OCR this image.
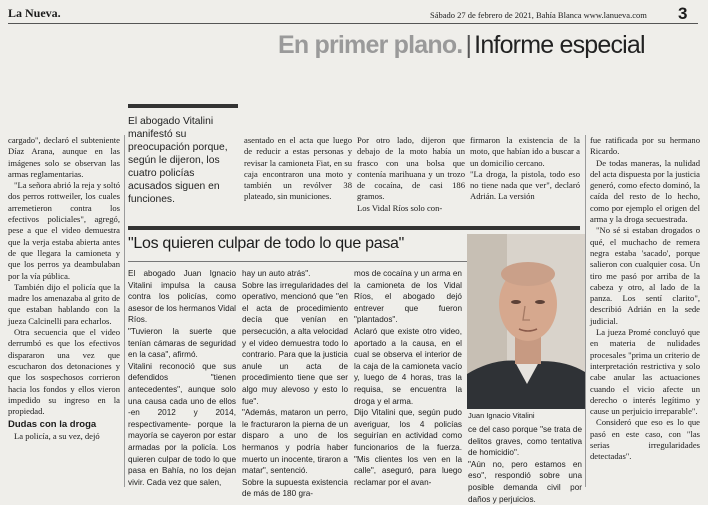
La Nueva.	Sábado 27 de febrero de 2021, Bahía Blanca www.lanueva.com 3
En primer plano. | Informe especial

cargado", declaró el subteniente Díaz Arana, aunque en las imágenes solo se observan las armas reglamentarias.

"La señora abrió la reja y soltó dos perros rottweiler, los cuales arremetieron contra los efectivos policiales", agregó, pese a que el video demuestra que la verja estaba abierta antes de que llegara la camioneta y que los perros ya deambulaban por la vía pública.

También dijo el policía que la madre los amenazaba al grito de que estaban hablando con la jueza Calcinelli para echarlos.

Otra secuencia que el video derrumbó es que los efectivos dispararon una vez que escucharon dos detonaciones y que los sospechosos corrieron hacia los fondos y ellos vieron impedido su ingreso en la propiedad.

Dudas con la droga

La policía, a su vez, dejó

El abogado Vitalini manifestó su preocupación porque, según le dijeron, los cuatro policías acusados siguen en funciones.
asentado en el acta que luego de reducir a estas personas y revisar la camioneta Fiat, en su caja encontraron una moto y también un revólver 38 plateado, sin municiones.
Por otro lado, dijeron que debajo de la moto había un frasco con una bolsa que contenía marihuana y un trozo de cocaína, de casi 186 gramos.
Los Vidal Ríos solo con-
firmaron la existencia de la moto, que habían ido a buscar a un domicilio cercano.
"La droga, la pistola, todo eso no tiene nada que ver", declaró Adrián. La versión

fue ratificada por su hermano Ricardo.

De todas maneras, la nulidad del acta dispuesta por la justicia generó, como efecto dominó, la caída del resto de lo hecho, como por ejemplo el origen del arma y la droga secuestrada.

"No sé si estaban drogados o qué, el muchacho de remera negra estaba 'sacado', porque salieron con cualquier cosa. Un tiro me pasó por arriba de la cabeza y otro, al lado de la panza. Los sentí clarito", describió Adrián en la sede judicial.

La jueza Promé concluyó que en materia de nulidades procesales "prima un criterio de interpretación restrictiva y solo cabe anular las actuaciones cuando el vicio afecte un derecho o interés legítimo y cause un perjuicio irreparable".

Consideró que eso es lo que pasó en este caso, con "las serias irregularidades detectadas".

"Los quieren culpar de todo lo que pasa"
El abogado Juan Ignacio Vitalini impulsa la causa contra los policías, como asesor de los hermanos Vidal Ríos.
"Tuvieron la suerte que tenían cámaras de seguridad en la casa", afirmó.
Vitalini reconoció que sus defendidos "tienen antecedentes", aunque solo una causa cada uno de ellos -en 2012 y 2014, respectivamente- porque la mayoría se cayeron por estar armadas por la policía. Los quieren culpar de todo lo que pasa en Bahía, no los dejan vivir. Cada vez que salen,
hay un auto atrás".
Sobre las irregularidades del operativo, mencionó que "en el acta de procedimiento decía que venían en persecución, a alta velocidad y el video demuestra todo lo contrario. Para que la justicia anule un acta de procedimiento tiene que ser algo muy alevoso y esto lo fue".
"Además, mataron un perro, le fracturaron la pierna de un disparo a uno de los hermanos y podría haber muerto un inocente, tiraron a matar", sentenció.
Sobre la supuesta existencia de más de 180 gra-
mos de cocaína y un arma en la camioneta de los Vidal Ríos, el abogado dejó entrever que fueron "plantados".
Aclaró que existe otro video, aportado a la causa, en el cual se observa el interior de la caja de la camioneta vacío y, luego de 4 horas, tras la requisa, se encuentra la droga y el arma.
Dijo Vitalini que, según pudo averiguar, los 4 policías seguirían en actividad como funcionarios de la fuerza. "Mis clientes los ven en la calle", aseguró, para luego reclamar por el avan-
ce del caso porque "se trata de delitos graves, como tentativa de homicidio".
"Aún no, pero estamos en eso", respondió sobre una posible demanda civil por daños y perjuicios.
Juan Ignacio Vitalini
